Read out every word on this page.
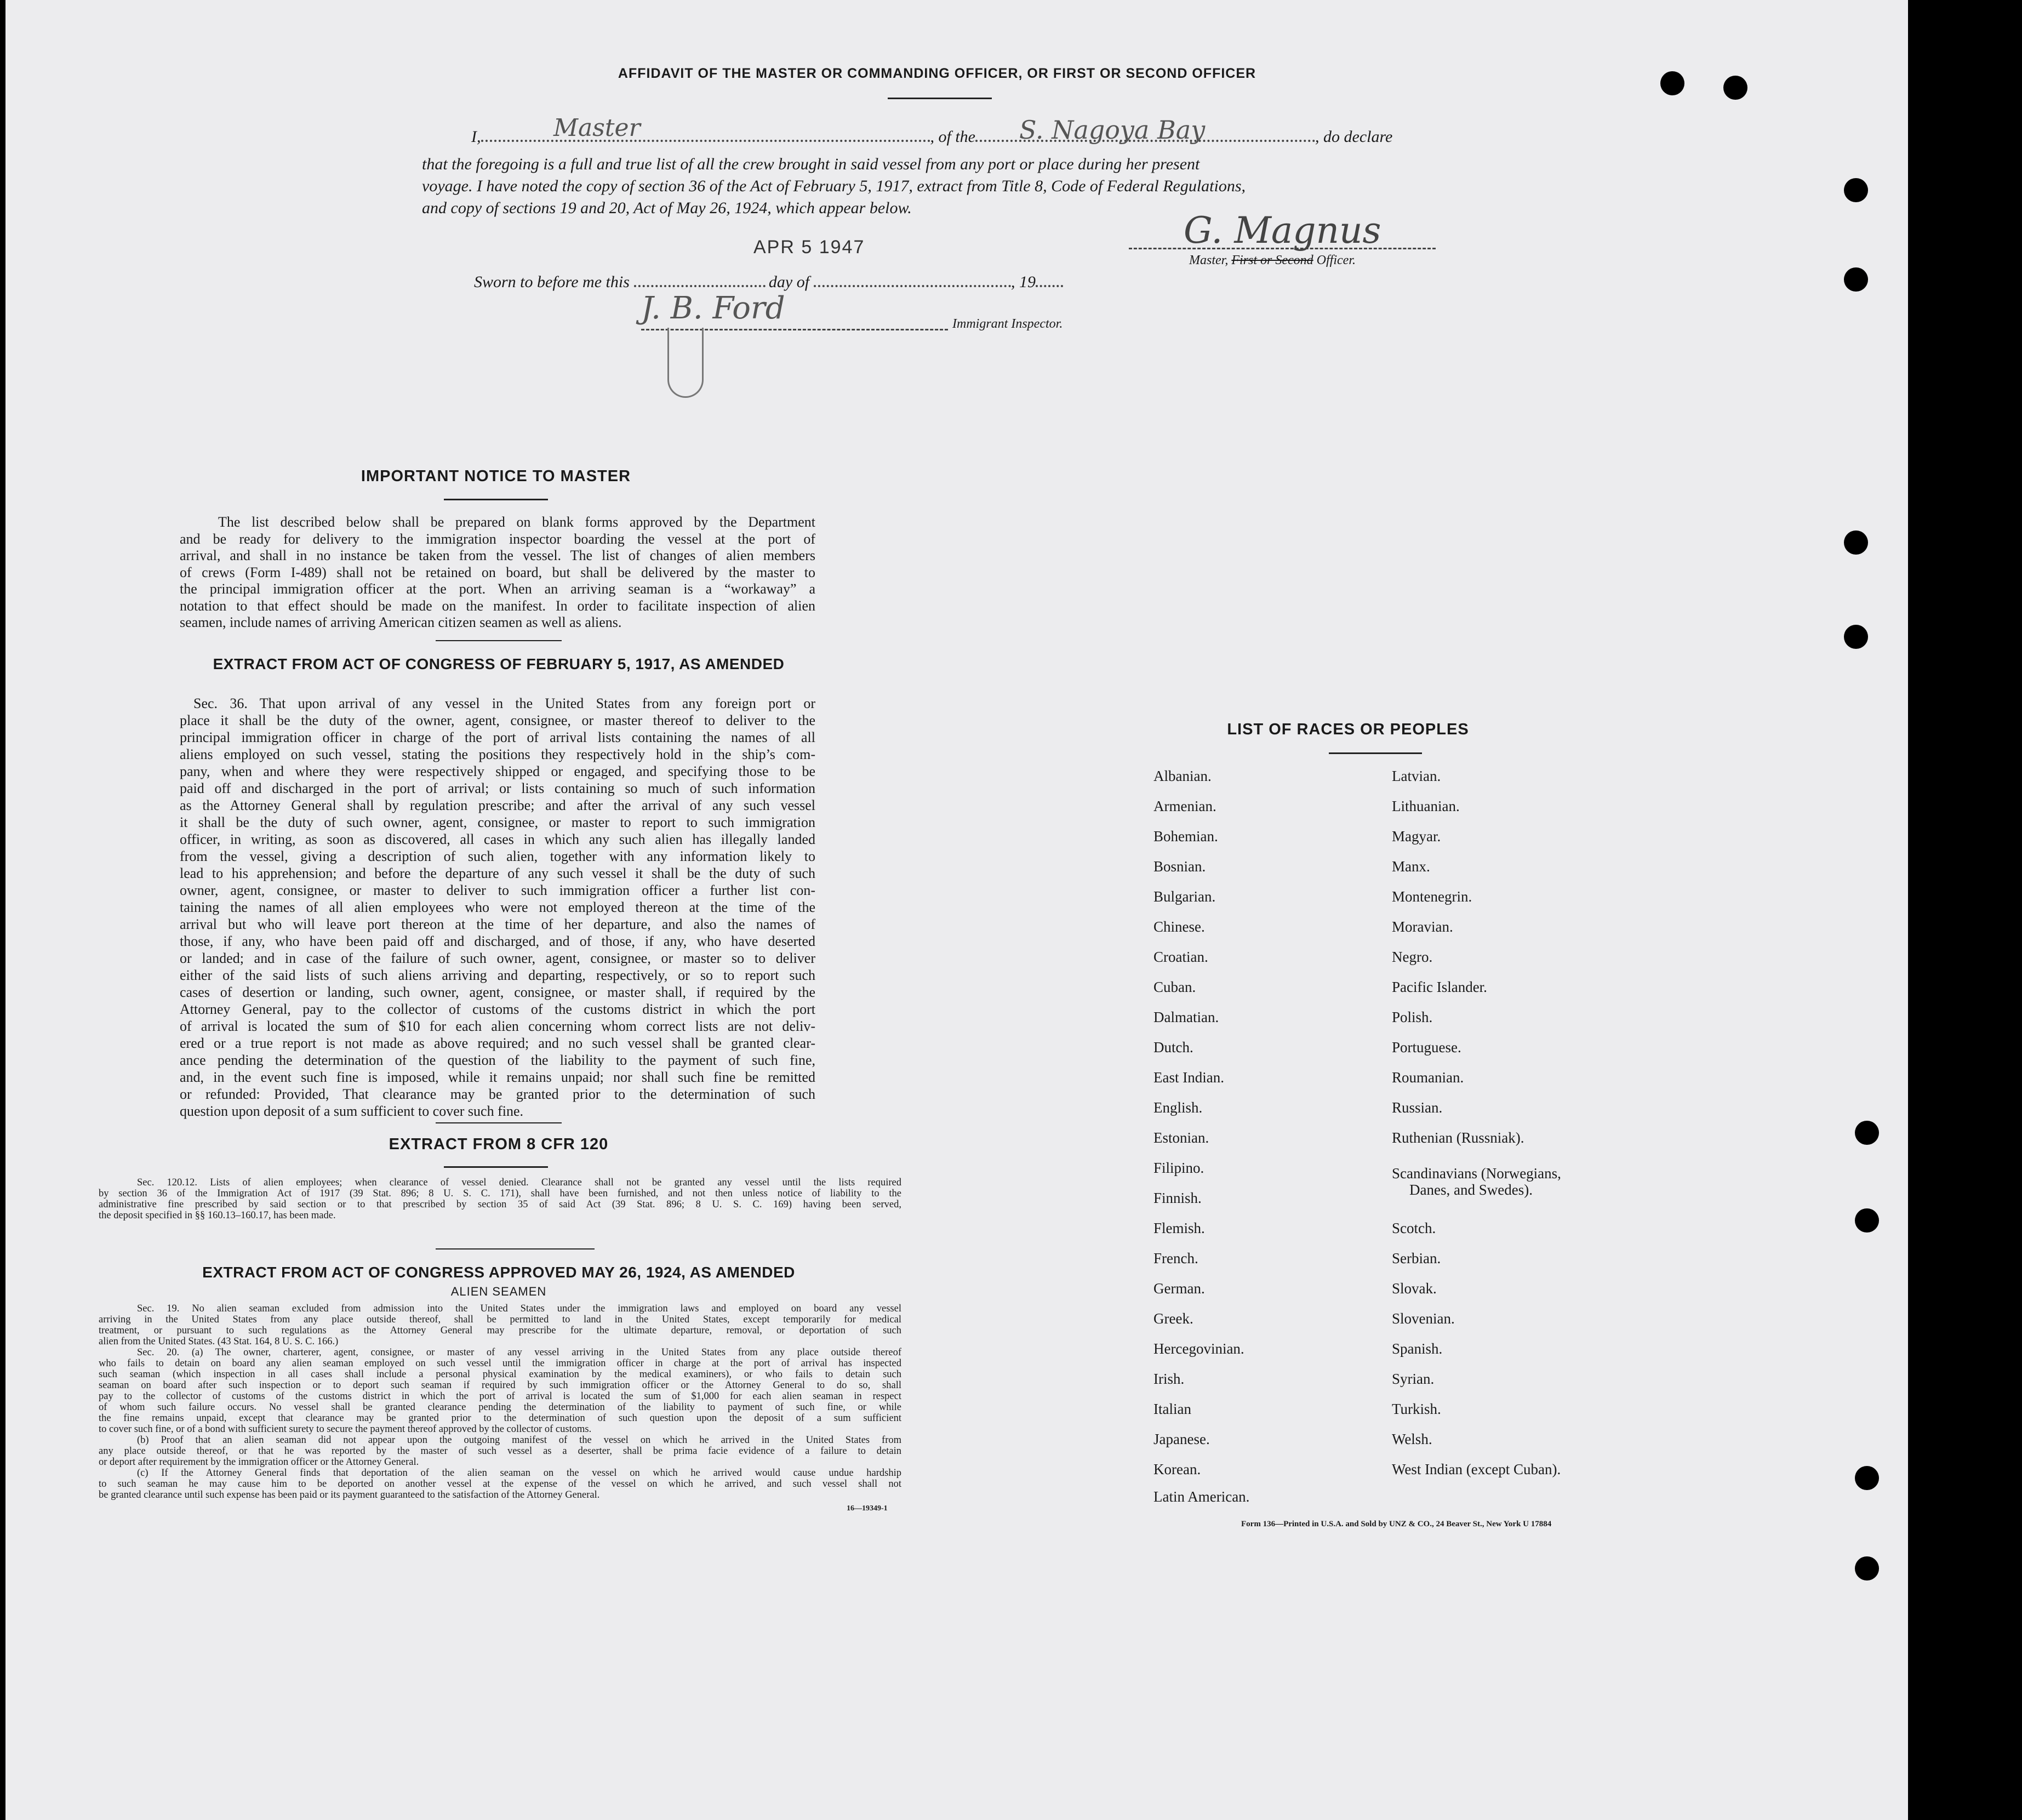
AFFIDAVIT OF THE MASTER OR COMMANDING OFFICER, OR FIRST OR SECOND OFFICER
I,	, of the	, do declare
Master	S. Nagoya Bay
that the foregoing is a full and true list of all the crew brought in said vessel from any port or place during her present
voyage. I have noted the copy of section 36 of the Act of February 5, 1917, extract from Title 8, Code of Federal Regulations,
and copy of sections 19 and 20, Act of May 26, 1924, which appear below.
APR 5 1947	G. Magnus
Master, First or Second Officer.
Sworn to before me this	day of	, 19
J. B. Ford	Immigrant Inspector.
IMPORTANT NOTICE TO MASTER
The list described below shall be prepared on blank forms approved by the Department
and be ready for delivery to the immigration inspector boarding the vessel at the port of
arrival, and shall in no instance be taken from the vessel. The list of changes of alien members
of crews (Form I-489) shall not be retained on board, but shall be delivered by the master to
the principal immigration officer at the port. When an arriving seaman is a “workaway” a
notation to that effect should be made on the manifest. In order to facilitate inspection of alien
seamen, include names of arriving American citizen seamen as well as aliens.
EXTRACT FROM ACT OF CONGRESS OF FEBRUARY 5, 1917, AS AMENDED
Sec. 36. That upon arrival of any vessel in the United States from any foreign port or
place it shall be the duty of the owner, agent, consignee, or master thereof to deliver to the
principal immigration officer in charge of the port of arrival lists containing the names of all
aliens employed on such vessel, stating the positions they respectively hold in the ship’s com-
pany, when and where they were respectively shipped or engaged, and specifying those to be
paid off and discharged in the port of arrival; or lists containing so much of such information
as the Attorney General shall by regulation prescribe; and after the arrival of any such vessel
it shall be the duty of such owner, agent, consignee, or master to report to such immigration
officer, in writing, as soon as discovered, all cases in which any such alien has illegally landed
from the vessel, giving a description of such alien, together with any information likely to
lead to his apprehension; and before the departure of any such vessel it shall be the duty of such
owner, agent, consignee, or master to deliver to such immigration officer a further list con-
taining the names of all alien employees who were not employed thereon at the time of the
arrival but who will leave port thereon at the time of her departure, and also the names of
those, if any, who have been paid off and discharged, and of those, if any, who have deserted
or landed; and in case of the failure of such owner, agent, consignee, or master so to deliver
either of the said lists of such aliens arriving and departing, respectively, or so to report such
cases of desertion or landing, such owner, agent, consignee, or master shall, if required by the
Attorney General, pay to the collector of customs of the customs district in which the port
of arrival is located the sum of $10 for each alien concerning whom correct lists are not deliv-
ered or a true report is not made as above required; and no such vessel shall be granted clear-
ance pending the determination of the question of the liability to the payment of such fine,
and, in the event such fine is imposed, while it remains unpaid; nor shall such fine be remitted
or refunded: Provided, That clearance may be granted prior to the determination of such
question upon deposit of a sum sufficient to cover such fine.
EXTRACT FROM 8 CFR 120
Sec. 120.12. Lists of alien employees; when clearance of vessel denied. Clearance shall not be granted any vessel until the lists required
by section 36 of the Immigration Act of 1917 (39 Stat. 896; 8 U. S. C. 171), shall have been furnished, and not then unless notice of liability to the
administrative fine prescribed by said section or to that prescribed by section 35 of said Act (39 Stat. 896; 8 U. S. C. 169) having been served,
the deposit specified in §§ 160.13–160.17, has been made.
EXTRACT FROM ACT OF CONGRESS APPROVED MAY 26, 1924, AS AMENDED
ALIEN SEAMEN
Sec. 19. No alien seaman excluded from admission into the United States under the immigration laws and employed on board any vessel
arriving in the United States from any place outside thereof, shall be permitted to land in the United States, except temporarily for medical
treatment, or pursuant to such regulations as the Attorney General may prescribe for the ultimate departure, removal, or deportation of such
alien from the United States. (43 Stat. 164, 8 U. S. C. 166.)
Sec. 20. (a) The owner, charterer, agent, consignee, or master of any vessel arriving in the United States from any place outside thereof
who fails to detain on board any alien seaman employed on such vessel until the immigration officer in charge at the port of arrival has inspected
such seaman (which inspection in all cases shall include a personal physical examination by the medical examiners), or who fails to detain such
seaman on board after such inspection or to deport such seaman if required by such immigration officer or the Attorney General to do so, shall
pay to the collector of customs of the customs district in which the port of arrival is located the sum of $1,000 for each alien seaman in respect
of whom such failure occurs. No vessel shall be granted clearance pending the determination of the liability to payment of such fine, or while
the fine remains unpaid, except that clearance may be granted prior to the determination of such question upon the deposit of a sum sufficient
to cover such fine, or of a bond with sufficient surety to secure the payment thereof approved by the collector of customs.
(b) Proof that an alien seaman did not appear upon the outgoing manifest of the vessel on which he arrived in the United States from
any place outside thereof, or that he was reported by the master of such vessel as a deserter, shall be prima facie evidence of a failure to detain
or deport after requirement by the immigration officer or the Attorney General.
(c) If the Attorney General finds that deportation of the alien seaman on the vessel on which he arrived would cause undue hardship
to such seaman he may cause him to be deported on another vessel at the expense of the vessel on which he arrived, and such vessel shall not
be granted clearance until such expense has been paid or its payment guaranteed to the satisfaction of the Attorney General.
16—19349-1
LIST OF RACES OR PEOPLES
Albanian.
Armenian.
Bohemian.
Bosnian.
Bulgarian.
Chinese.
Croatian.
Cuban.
Dalmatian.
Dutch.
East Indian.
English.
Estonian.
Filipino.
Finnish.
Flemish.
French.
German.
Greek.
Hercegovinian.
Irish.
Italian
Japanese.
Korean.
Latin American.
Latvian.
Lithuanian.
Magyar.
Manx.
Montenegrin.
Moravian.
Negro.
Pacific Islander.
Polish.
Portuguese.
Roumanian.
Russian.
Ruthenian (Russniak).
Scandinavians (Norwegians,
Danes, and Swedes).
Scotch.
Serbian.
Slovak.
Slovenian.
Spanish.
Syrian.
Turkish.
Welsh.
West Indian (except Cuban).
Form 136—Printed in U.S.A. and Sold by UNZ & CO., 24 Beaver St., New York U 17884
